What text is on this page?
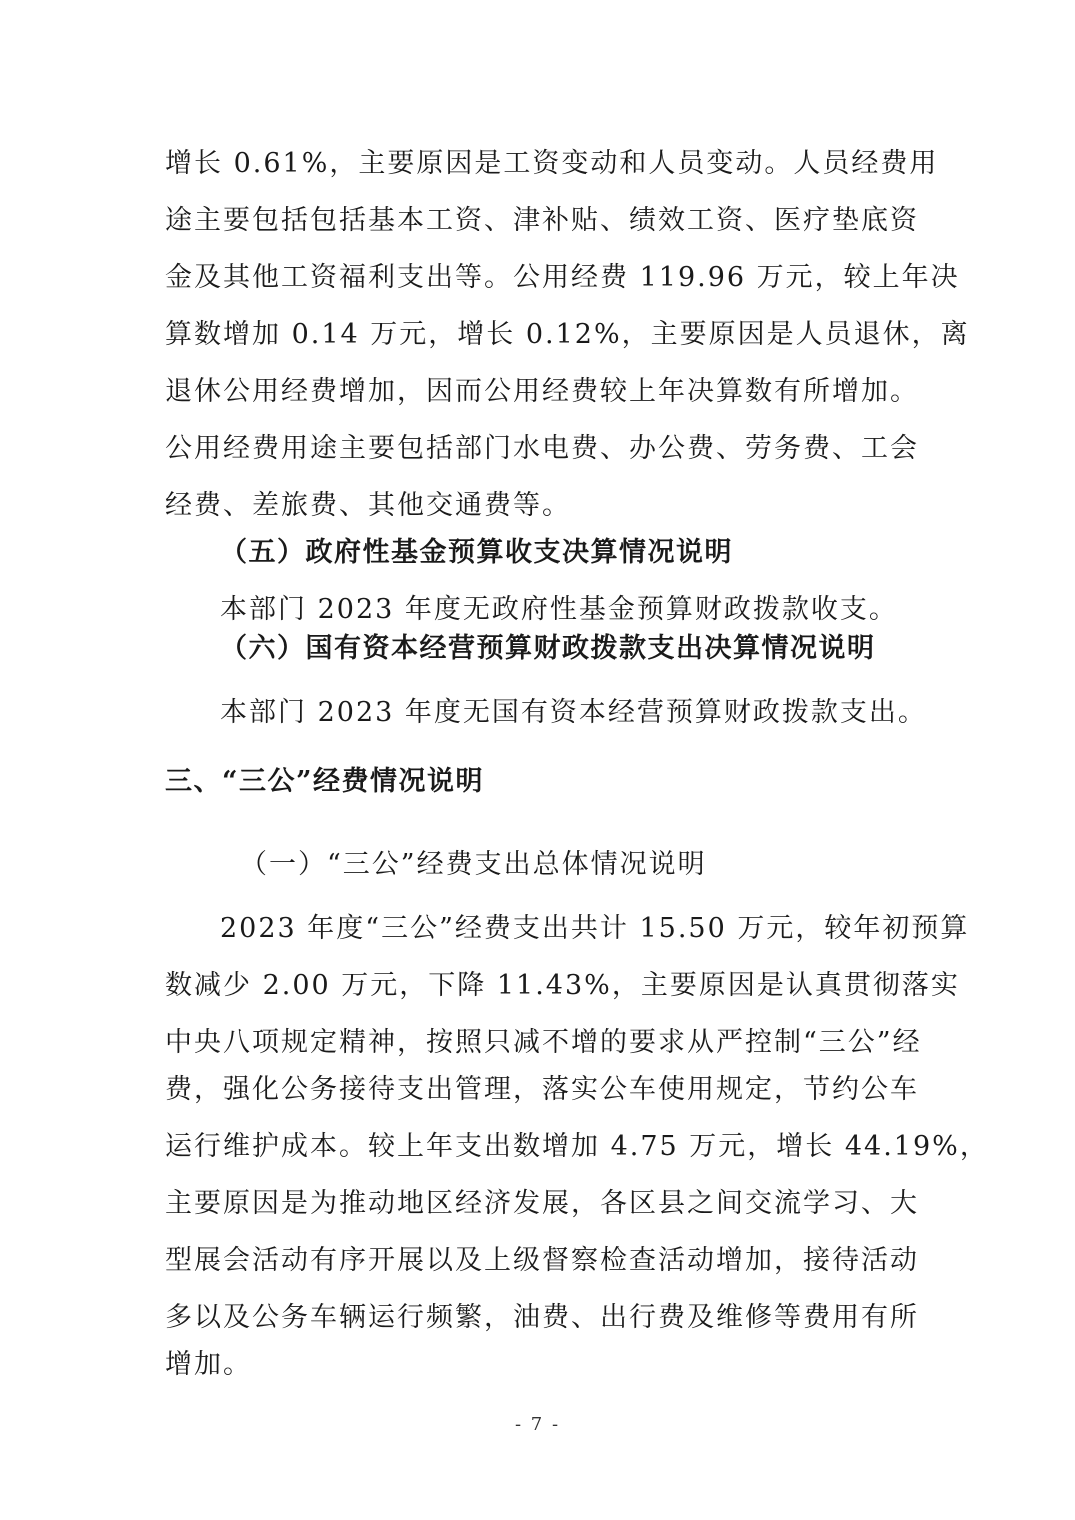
增长 0.61%，主要原因是工资变动和人员变动。人员经费用
途主要包括包括基本工资、津补贴、绩效工资、医疗垫底资
金及其他工资福利支出等。公用经费 119.96 万元，较上年决
算数增加 0.14 万元，增长 0.12%，主要原因是人员退休，离
退休公用经费增加，因而公用经费较上年决算数有所增加。
公用经费用途主要包括部门水电费、办公费、劳务费、工会
经费、差旅费、其他交通费等。
（五）政府性基金预算收支决算情况说明
本部门 2023 年度无政府性基金预算财政拨款收支。
（六）国有资本经营预算财政拨款支出决算情况说明
本部门 2023 年度无国有资本经营预算财政拨款支出。
三、“三公”经费情况说明
（一）“三公”经费支出总体情况说明
2023 年度“三公”经费支出共计 15.50 万元，较年初预算
数减少 2.00 万元，下降 11.43%，主要原因是认真贯彻落实
中央八项规定精神，按照只减不增的要求从严控制“三公”经
费，强化公务接待支出管理，落实公车使用规定，节约公车
运行维护成本。较上年支出数增加 4.75 万元，增长 44.19%，
主要原因是为推动地区经济发展，各区县之间交流学习、大
型展会活动有序开展以及上级督察检查活动增加，接待活动
多以及公务车辆运行频繁，油费、出行费及维修等费用有所
增加。
- 7 -
